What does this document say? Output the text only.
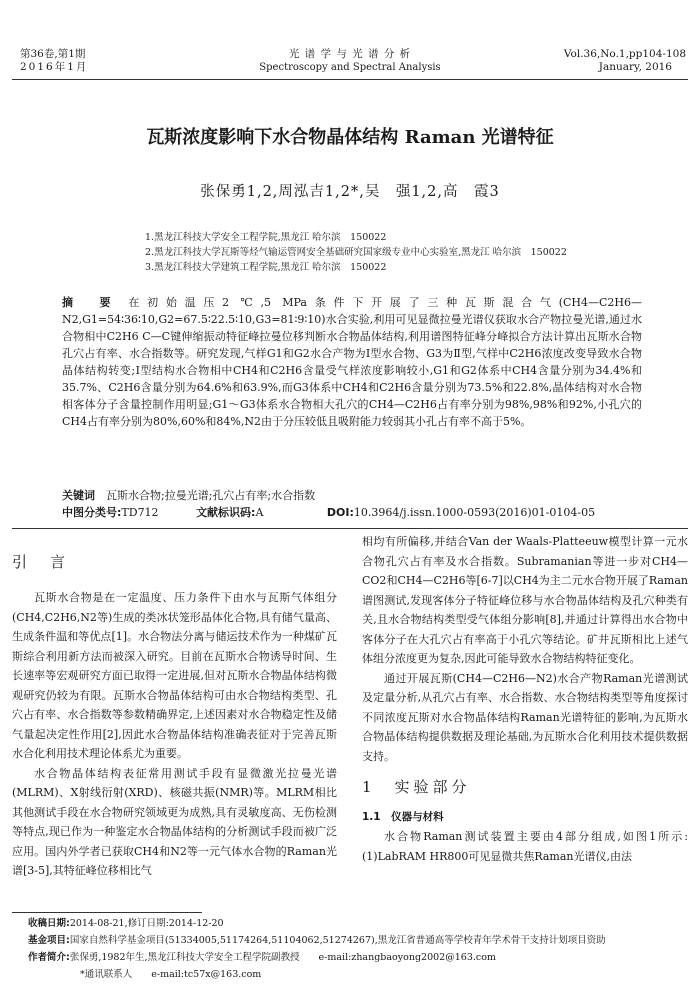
第36卷,第1期
2016年1月
光 谱 学 与 光 谱 分 析
Spectroscopy and Spectral Analysis
Vol.36,No.1,pp104-108
January, 2016
瓦斯浓度影响下水合物晶体结构 Raman 光谱特征
张保勇1,2,周泓吉1,2*,吴　强1,2,高　霞3
1.黑龙江科技大学安全工程学院,黑龙江 哈尔滨　150022
2.黑龙江科技大学瓦斯等烃气输运管网安全基础研究国家级专业中心实验室,黑龙江 哈尔滨　150022
3.黑龙江科技大学建筑工程学院,黑龙江 哈尔滨　150022
摘　要 在初始温压2 ℃,5 MPa条件下开展了三种瓦斯混合气(CH4—C2H6—N2,G1=54∶36∶10,G2=67.5∶22.5∶10,G3=81∶9∶10)水合实验,利用可见显微拉曼光谱仪获取水合产物拉曼光谱,通过水合物相中C2H6 C—C键伸缩振动特征峰拉曼位移判断水合物晶体结构,利用谱图特征峰分峰拟合方法计算出瓦斯水合物孔穴占有率、水合指数等。研究发现,气样G1和G2水合产物为Ⅰ型水合物、G3为Ⅱ型,气样中C2H6浓度改变导致水合物晶体结构转变;Ⅰ型结构水合物相中CH4和C2H6含量受气样浓度影响较小,G1和G2体系中CH4含量分别为34.4%和35.7%、C2H6含量分别为64.6%和63.9%,而G3体系中CH4和C2H6含量分别为73.5%和22.8%,晶体结构对水合物相客体分子含量控制作用明显;G1～G3体系水合物相大孔穴的CH4—C2H6占有率分别为98%,98%和92%,小孔穴的CH4占有率分别为80%,60%和84%,N2由于分压较低且吸附能力较弱其小孔占有率不高于5%。
关键词　 瓦斯水合物;拉曼光谱;孔穴占有率;水合指数
中图分类号:TD712	文献标识码:A	DOI:10.3964/j.issn.1000-0593(2016)01-0104-05
引　言

瓦斯水合物是在一定温度、压力条件下由水与瓦斯气体组分(CH4,C2H6,N2等)生成的类冰状笼形晶体化合物,具有储气量高、生成条件温和等优点[1]。水合物法分离与储运技术作为一种煤矿瓦斯综合利用新方法而被深入研究。目前在瓦斯水合物诱导时间、生长速率等宏观研究方面已取得一定进展,但对瓦斯水合物晶体结构微观研究仍较为有限。瓦斯水合物晶体结构可由水合物结构类型、孔穴占有率、水合指数等参数精确界定,上述因素对水合物稳定性及储气量起决定性作用[2],因此水合物晶体结构准确表征对于完善瓦斯水合化利用技术理论体系尤为重要。

水合物晶体结构表征常用测试手段有显微激光拉曼光谱(MLRM)、X射线衍射(XRD)、核磁共振(NMR)等。MLRM相比其他测试手段在水合物研究领域更为成熟,具有灵敏度高、无伤检测等特点,现已作为一种鉴定水合物晶体结构的分析测试手段而被广泛应用。国内外学者已获取CH4和N2等一元气体水合物的Raman光谱[3-5],其特征峰位移相比气

相均有所偏移,并结合Van der Waals-Platteeuw模型计算一元水合物孔穴占有率及水合指数。Subramanian等进一步对CH4—CO2和CH4—C2H6等[6-7]以CH4为主二元水合物开展了Raman谱图测试,发现客体分子特征峰位移与水合物晶体结构及孔穴种类有关,且水合物结构类型受气体组分影响[8],并通过计算得出水合物中客体分子在大孔穴占有率高于小孔穴等结论。矿井瓦斯相比上述气体组分浓度更为复杂,因此可能导致水合物结构特征变化。

通过开展瓦斯(CH4—C2H6—N2)水合产物Raman光谱测试及定量分析,从孔穴占有率、水合指数、水合物结构类型等角度探讨不同浓度瓦斯对水合物晶体结构Raman光谱特征的影响,为瓦斯水合物晶体结构提供数据及理论基础,为瓦斯水合化利用技术提供数据支持。

1　实验部分
1.1　仪器与材料

水合物Raman测试装置主要由4部分组成,如图1所示:(1)LabRAM HR800可见显微共焦Raman光谱仪,由法

收稿日期:2014-08-21,修订日期:2014-12-20
基金项目:国家自然科学基金项目(51334005,51174264,51104062,51274267),黑龙江省普通高等学校青年学术骨干支持计划项目资助
作者简介:张保勇,1982年生,黑龙江科技大学安全工程学院副教授　　e-mail:zhangbaoyong2002@163.com
*通讯联系人　　e-mail:tc57x@163.com
